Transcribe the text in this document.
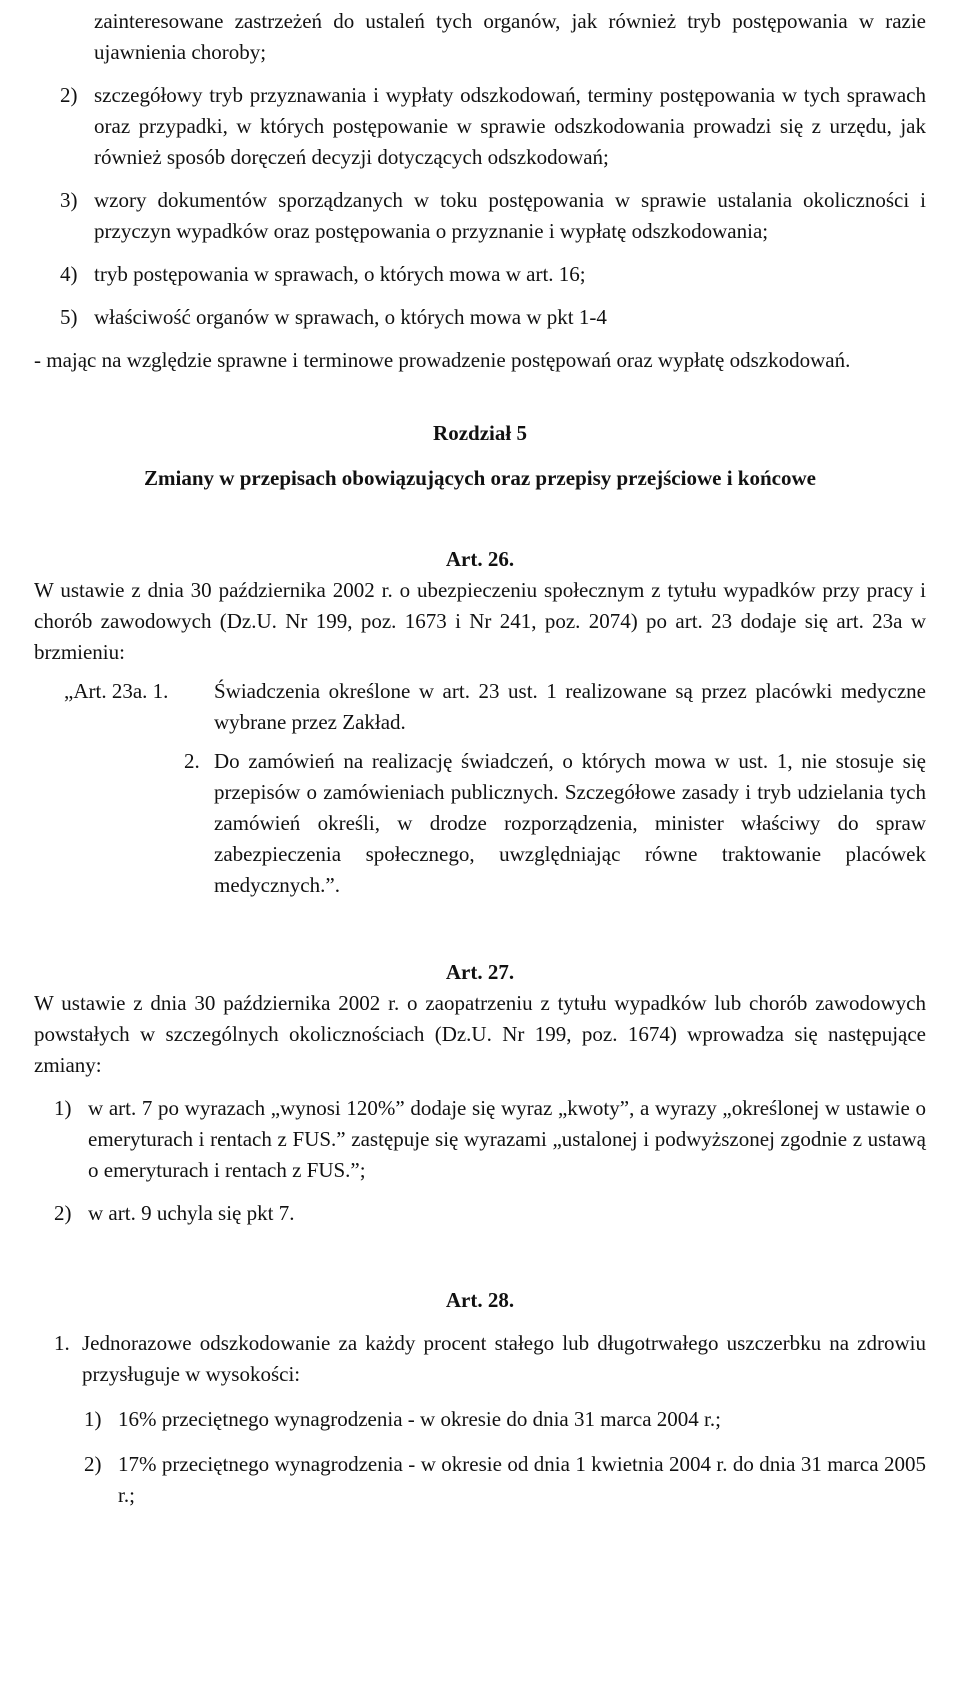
zainteresowane zastrzeżeń do ustaleń tych organów, jak również tryb postępowania w razie ujawnienia choroby;

2) szczegółowy tryb przyznawania i wypłaty odszkodowań, terminy postępowania w tych sprawach oraz przypadki, w których postępowanie w sprawie odszkodowania prowadzi się z urzędu, jak również sposób doręczeń decyzji dotyczących odszkodowań;
3) wzory dokumentów sporządzanych w toku postępowania w sprawie ustalania okoliczności i przyczyn wypadków oraz postępowania o przyznanie i wypłatę odszkodowania;
4) tryb postępowania w sprawach, o których mowa w art. 16;
5) właściwość organów w sprawach, o których mowa w pkt 1-4

- mając na względzie sprawne i terminowe prowadzenie postępowań oraz wypłatę odszkodowań.

Rozdział 5

Zmiany w przepisach obowiązujących oraz przepisy przejściowe i końcowe

Art. 26.

W ustawie z dnia 30 października 2002 r. o ubezpieczeniu społecznym z tytułu wypadków przy pracy i chorób zawodowych (Dz.U. Nr 199, poz. 1673 i Nr 241, poz. 2074) po art. 23 dodaje się art. 23a w brzmieniu:

„Art. 23a. 1.	Świadczenia określone w art. 23 ust. 1 realizowane są przez placówki medyczne wybrane przez Zakład.
2. Do zamówień na realizację świadczeń, o których mowa w ust. 1, nie stosuje się przepisów o zamówieniach publicznych. Szczegółowe zasady i tryb udzielania tych zamówień określi, w drodze rozporządzenia, minister właściwy do spraw zabezpieczenia społecznego, uwzględniając równe traktowanie placówek medycznych.”.

Art. 27.

W ustawie z dnia 30 października 2002 r. o zaopatrzeniu z tytułu wypadków lub chorób zawodowych powstałych w szczególnych okolicznościach (Dz.U. Nr 199, poz. 1674) wprowadza się następujące zmiany:

1) w art. 7 po wyrazach „wynosi 120%” dodaje się wyraz „kwoty”, a wyrazy „określonej w ustawie o emeryturach i rentach z FUS.” zastępuje się wyrazami „ustalonej i podwyższonej zgodnie z ustawą o emeryturach i rentach z FUS.”;
2) w art. 9 uchyla się pkt 7.

Art. 28.

1. Jednorazowe odszkodowanie za każdy procent stałego lub długotrwałego uszczerbku na zdrowiu przysługuje w wysokości:
1) 16% przeciętnego wynagrodzenia - w okresie do dnia 31 marca 2004 r.;
2) 17% przeciętnego wynagrodzenia - w okresie od dnia 1 kwietnia 2004 r. do dnia 31 marca 2005 r.;
